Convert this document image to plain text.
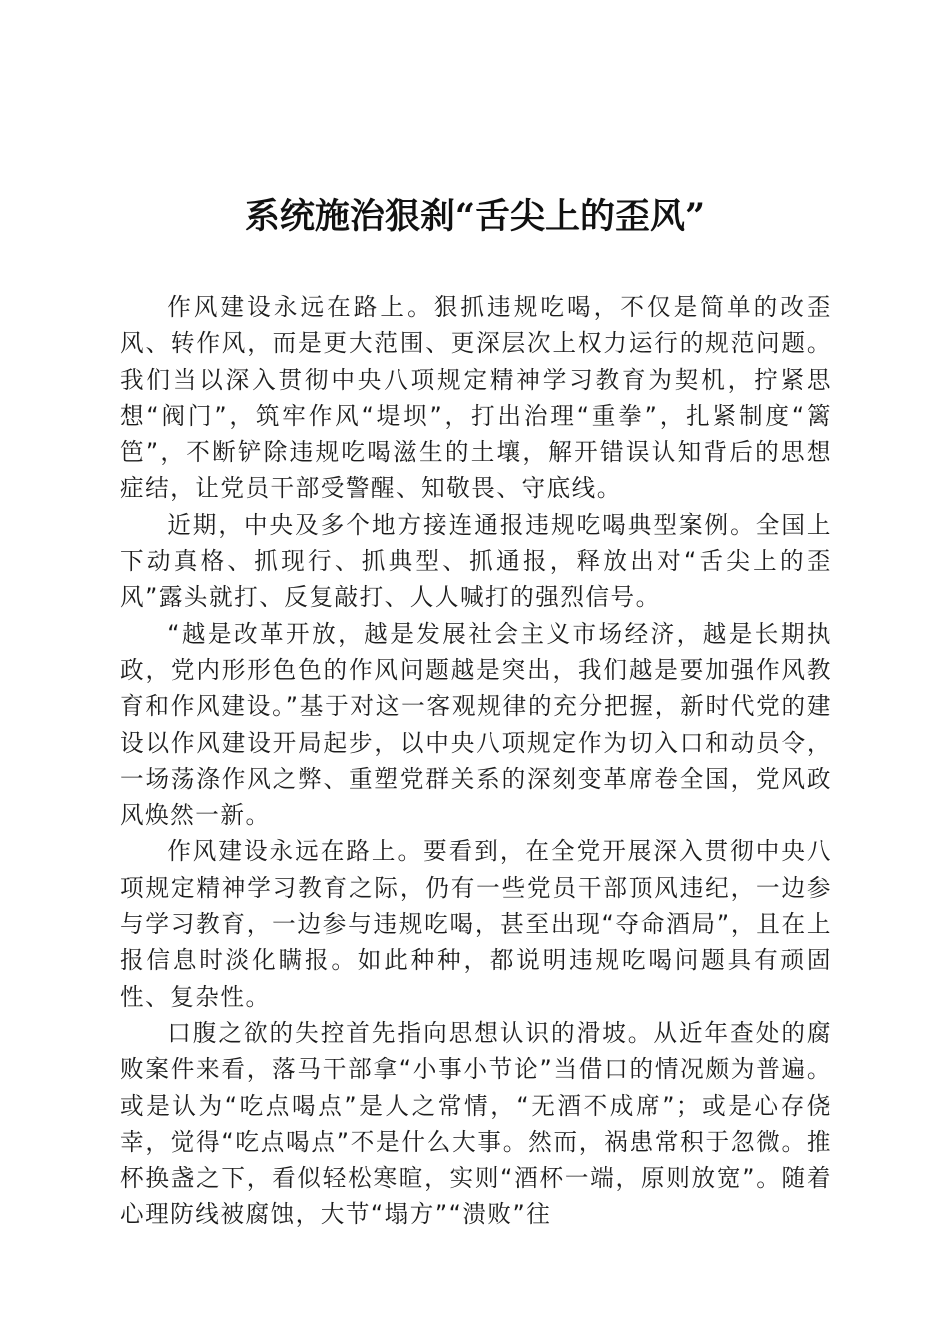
系统施治狠刹“舌尖上的歪风”

作风建设永远在路上。狠抓违规吃喝，不仅是简单的改歪风、转作风，而是更大范围、更深层次上权力运行的规范问题。我们当以深入贯彻中央八项规定精神学习教育为契机，拧紧思想“阀门”，筑牢作风“堤坝”，打出治理“重拳”，扎紧制度“篱笆”，不断铲除违规吃喝滋生的土壤，解开错误认知背后的思想症结，让党员干部受警醒、知敬畏、守底线。

近期，中央及多个地方接连通报违规吃喝典型案例。全国上下动真格、抓现行、抓典型、抓通报，释放出对“舌尖上的歪风”露头就打、反复敲打、人人喊打的强烈信号。

“越是改革开放，越是发展社会主义市场经济，越是长期执政，党内形形色色的作风问题越是突出，我们越是要加强作风教育和作风建设。”基于对这一客观规律的充分把握，新时代党的建设以作风建设开局起步，以中央八项规定作为切入口和动员令，一场荡涤作风之弊、重塑党群关系的深刻变革席卷全国，党风政风焕然一新。

作风建设永远在路上。要看到，在全党开展深入贯彻中央八项规定精神学习教育之际，仍有一些党员干部顶风违纪，一边参与学习教育，一边参与违规吃喝，甚至出现“夺命酒局”，且在上报信息时淡化瞒报。如此种种，都说明违规吃喝问题具有顽固性、复杂性。

口腹之欲的失控首先指向思想认识的滑坡。从近年查处的腐败案件来看，落马干部拿“小事小节论”当借口的情况颇为普遍。或是认为“吃点喝点”是人之常情，“无酒不成席”；或是心存侥幸，觉得“吃点喝点”不是什么大事。然而，祸患常积于忽微。推杯换盏之下，看似轻松寒暄，实则“酒杯一端，原则放宽”。随着心理防线被腐蚀，大节“塌方”“溃败”往
